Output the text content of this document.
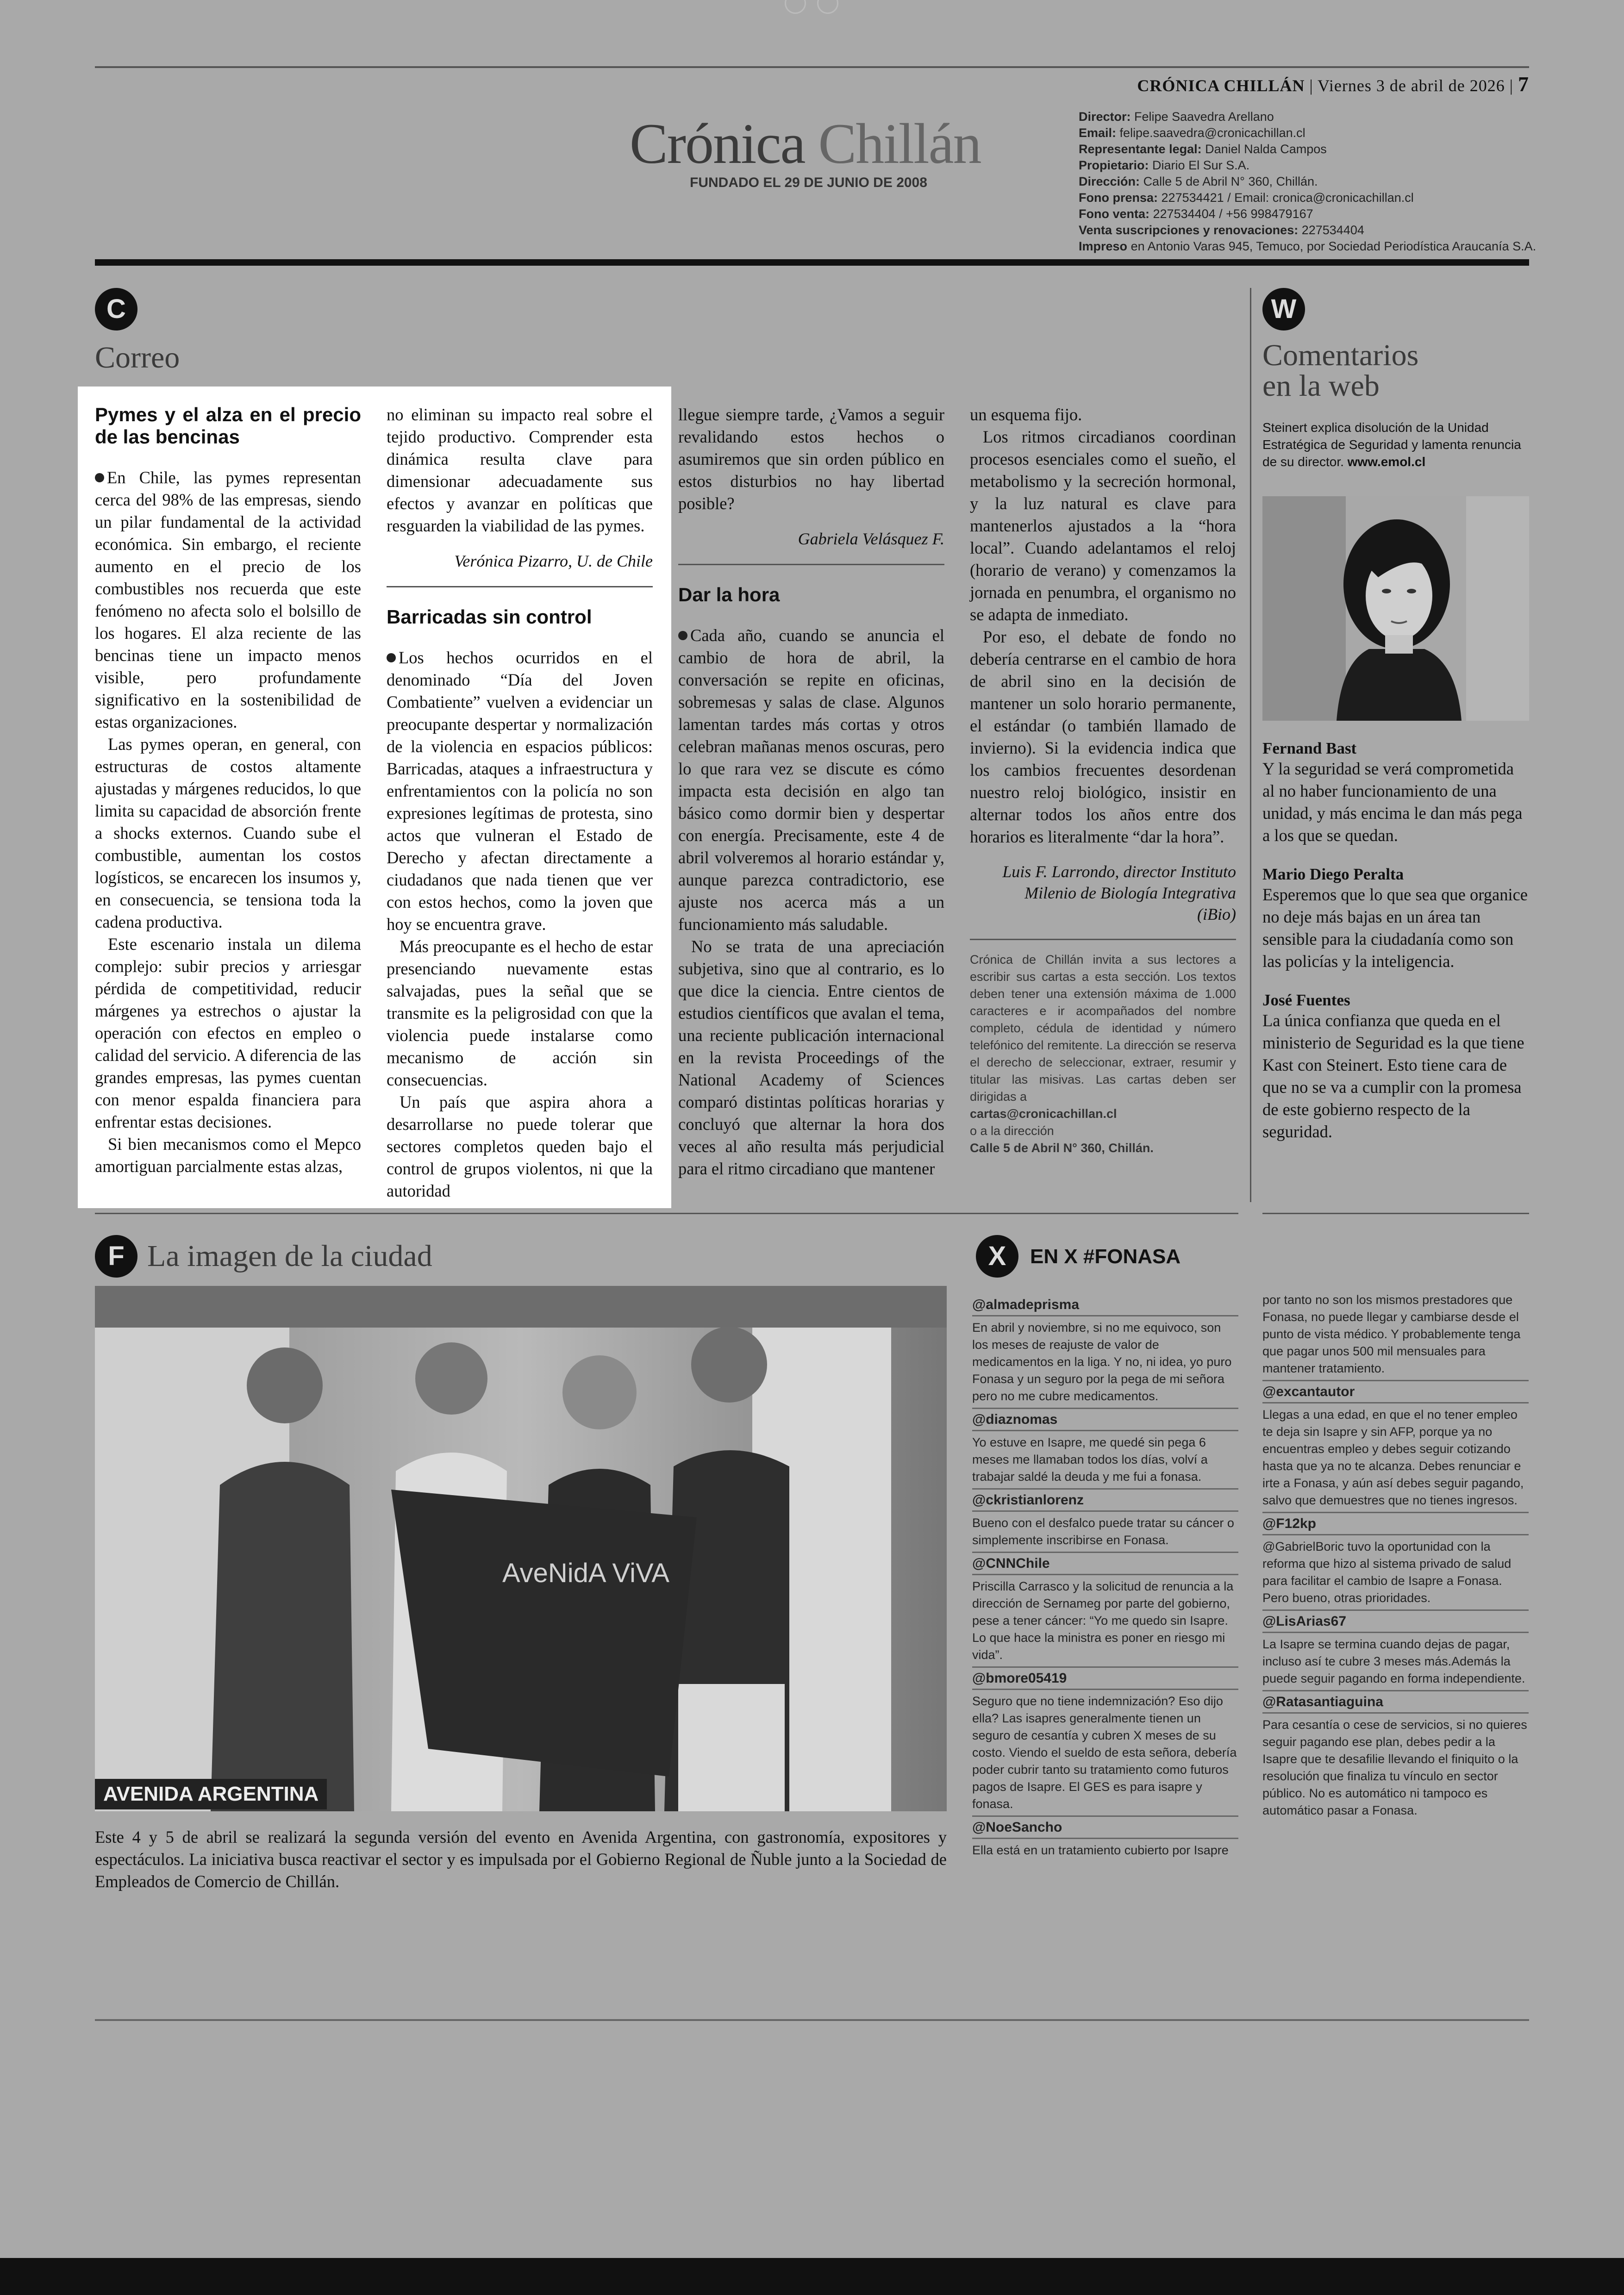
CRÓNICA CHILLÁN | Viernes 3 de abril de 2026 | 7
Crónica Chillán
FUNDADO EL 29 DE JUNIO DE 2008
Director: Felipe Saavedra Arellano
Email: felipe.saavedra@cronicachillan.cl
Representante legal: Daniel Nalda Campos
Propietario: Diario El Sur S.A.
Dirección: Calle 5 de Abril N° 360, Chillán.
Fono prensa: 227534421 / Email: cronica@cronicachillan.cl
Fono venta: 227534404 / +56 998479167
Venta suscripciones y renovaciones: 227534404
Impreso en Antonio Varas 945, Temuco, por Sociedad Periodística Araucanía S.A.
C
Correo
Pymes y el alza en el precio de las bencinas

En Chile, las pymes representan cerca del 98% de las empresas, siendo un pilar fundamental de la actividad económica. Sin embargo, el reciente aumento en el precio de los combustibles nos recuerda que este fenómeno no afecta solo el bolsillo de los hogares. El alza reciente de las bencinas tiene un impacto menos visible, pero profundamente significativo en la sostenibilidad de estas organizaciones.

Las pymes operan, en general, con estructuras de costos altamente ajustadas y márgenes reducidos, lo que limita su capacidad de absorción frente a shocks externos. Cuando sube el combustible, aumentan los costos logísticos, se encarecen los insumos y, en consecuencia, se tensiona toda la cadena productiva.

Este escenario instala un dilema complejo: subir precios y arriesgar pérdida de competitividad, reducir márgenes ya estrechos o ajustar la operación con efectos en empleo o calidad del servicio. A diferencia de las grandes empresas, las pymes cuentan con menor espalda financiera para enfrentar estas decisiones.

Si bien mecanismos como el Mepco amortiguan parcialmente estas alzas,

no eliminan su impacto real sobre el tejido productivo. Comprender esta dinámica resulta clave para dimensionar adecuadamente sus efectos y avanzar en políticas que resguarden la viabilidad de las pymes.

Verónica Pizarro, U. de Chile
Barricadas sin control

Los hechos ocurridos en el denominado “Día del Joven Combatiente” vuelven a evidenciar un preocupante despertar y normalización de la violencia en espacios públicos: Barricadas, ataques a infraestructura y enfrentamientos con la policía no son expresiones legítimas de protesta, sino actos que vulneran el Estado de Derecho y afectan directamente a ciudadanos que nada tienen que ver con estos hechos, como la joven que hoy se encuentra grave.

Más preocupante es el hecho de estar presenciando nuevamente estas salvajadas, pues la señal que se transmite es la peligrosidad con que la violencia puede instalarse como mecanismo de acción sin consecuencias.

Un país que aspira ahora a desarrollarse no puede tolerar que sectores completos queden bajo el control de grupos violentos, ni que la autoridad

llegue siempre tarde, ¿Vamos a seguir revalidando estos hechos o asumiremos que sin orden público en estos disturbios no hay libertad posible?

Gabriela Velásquez F.
Dar la hora

Cada año, cuando se anuncia el cambio de hora de abril, la conversación se repite en oficinas, sobremesas y salas de clase. Algunos lamentan tardes más cortas y otros celebran mañanas menos oscuras, pero lo que rara vez se discute es cómo impacta esta decisión en algo tan básico como dormir bien y despertar con energía. Precisamente, este 4 de abril volveremos al horario estándar y, aunque parezca contradictorio, ese ajuste nos acerca más a un funcionamiento más saludable.

No se trata de una apreciación subjetiva, sino que al contrario, es lo que dice la ciencia. Entre cientos de estudios científicos que avalan el tema, una reciente publicación internacional en la revista Proceedings of the National Academy of Sciences comparó distintas políticas horarias y concluyó que alternar la hora dos veces al año resulta más perjudicial para el ritmo circadiano que mantener

un esquema fijo.

Los ritmos circadianos coordinan procesos esenciales como el sueño, el metabolismo y la secreción hormonal, y la luz natural es clave para mantenerlos ajustados a la “hora local”. Cuando adelantamos el reloj (horario de verano) y comenzamos la jornada en penumbra, el organismo no se adapta de inmediato.

Por eso, el debate de fondo no debería centrarse en el cambio de hora de abril sino en la decisión de mantener un solo horario permanente, el estándar (o también llamado de invierno). Si la evidencia indica que los cambios frecuentes desordenan nuestro reloj biológico, insistir en alternar todos los años entre dos horarios es literalmente “dar la hora”.

Luis F. Larrondo, director Instituto
Milenio de Biología Integrativa
(iBio)
Crónica de Chillán invita a sus lectores a escribir sus cartas a esta sección. Los textos deben tener una extensión máxima de 1.000 caracteres e ir acompañados del nombre completo, cédula de identidad y número telefónico del remitente. La dirección se reserva el derecho de seleccionar, extraer, resumir y titular las misivas. Las cartas deben ser dirigidas a
cartas@cronicachillan.cl
o a la dirección
Calle 5 de Abril N° 360, Chillán.
W
Comentarios
en la web
Steinert explica disolución de la Unidad Estratégica de Seguridad y lamenta renuncia de su director. www.emol.cl
Fernand Bast
Y la seguridad se verá comprometida al no haber funcionamiento de una unidad, y más encima le dan más pega a los que se quedan.
Mario Diego Peralta
Esperemos que lo que sea que organice no deje más bajas en un área tan sensible para la ciudadanía como son las policías y la inteligencia.
José Fuentes
La única confianza que queda en el ministerio de Seguridad es la que tiene Kast con Steinert. Esto tiene cara de que no se va a cumplir con la promesa de este gobierno respecto de la seguridad.
F La imagen de la ciudad
AveNidA ViVA
AVENIDA ARGENTINA
Este 4 y 5 de abril se realizará la segunda versión del evento en Avenida Argentina, con gastronomía, expositores y espectáculos. La iniciativa busca reactivar el sector y es impulsada por el Gobierno Regional de Ñuble junto a la Sociedad de Empleados de Comercio de Chillán.
X	EN X #FONASA
@almadeprisma

En abril y noviembre, si no me equivoco, son los meses de reajuste de valor de medicamentos en la liga. Y no, ni idea, yo puro Fonasa y un seguro por la pega de mi señora pero no me cubre medicamentos.

@diaznomas

Yo estuve en Isapre, me quedé sin pega 6 meses me llamaban todos los días, volví a trabajar saldé la deuda y me fui a fonasa.

@ckristianlorenz

Bueno con el desfalco puede tratar su cáncer o simplemente inscribirse en Fonasa.

@CNNChile

Priscilla Carrasco y la solicitud de renuncia a la dirección de Sernameg por parte del gobierno, pese a tener cáncer: “Yo me quedo sin Isapre. Lo que hace la ministra es poner en riesgo mi vida”.

@bmore05419

Seguro que no tiene indemnización? Eso dijo ella? Las isapres generalmente tienen un seguro de cesantía y cubren X meses de su costo. Viendo el sueldo de esta señora, debería poder cubrir tanto su tratamiento como futuros pagos de Isapre. El GES es para isapre y fonasa.

@NoeSancho

Ella está en un tratamiento cubierto por Isapre

por tanto no son los mismos prestadores que Fonasa, no puede llegar y cambiarse desde el punto de vista médico. Y probablemente tenga que pagar unos 500 mil mensuales para mantener tratamiento.

@excantautor

Llegas a una edad, en que el no tener empleo te deja sin Isapre y sin AFP, porque ya no encuentras empleo y debes seguir cotizando hasta que ya no te alcanza. Debes renunciar e irte a Fonasa, y aún así debes seguir pagando, salvo que demuestres que no tienes ingresos.

@F12kp

@GabrielBoric tuvo la oportunidad con la reforma que hizo al sistema privado de salud para facilitar el cambio de Isapre a Fonasa. Pero bueno, otras prioridades.

@LisArias67

La Isapre se termina cuando dejas de pagar, incluso así te cubre 3 meses más.Además la puede seguir pagando en forma independiente.

@Ratasantiaguina

Para cesantía o cese de servicios, si no quieres seguir pagando ese plan, debes pedir a la Isapre que te desafilie llevando el finiquito o la resolución que finaliza tu vínculo en sector público. No es automático ni tampoco es automático pasar a Fonasa.
